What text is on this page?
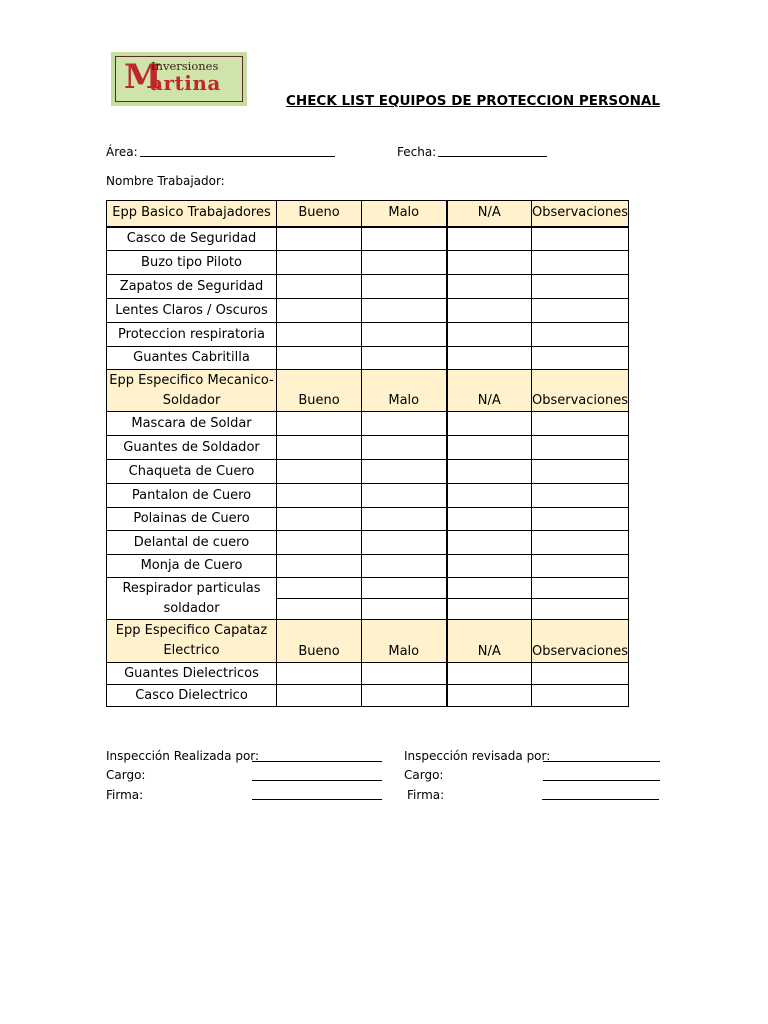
M
Inversiones
artina
CHECK LIST EQUIPOS DE PROTECCION PERSONAL
Área:	Fecha:
Nombre Trabajador:
Epp Basico Trabajadores	Bueno	Malo	N/A	Observaciones
Casco de Seguridad				
Buzo tipo Piloto				
Zapatos de Seguridad				
Lentes Claros / Oscuros				
Proteccion respiratoria				
Guantes Cabritilla				

Epp Especifico Mecanico-
Soldador	Bueno	Malo	N/A	Observaciones
Mascara de Soldar				
Guantes de Soldador				
Chaqueta de Cuero				
Pantalon de Cuero				
Polainas de Cuero				
Delantal de cuero				
Monja de Cuero				

Respirador particulas
soldador				

Epp Especifico Capataz
Electrico	Bueno	Malo	N/A	Observaciones
Guantes Dielectricos				
Casco Dielectrico				
Inspección Realizada por:	Inspección revisada por:
Cargo:	Cargo:
Firma:	Firma:
